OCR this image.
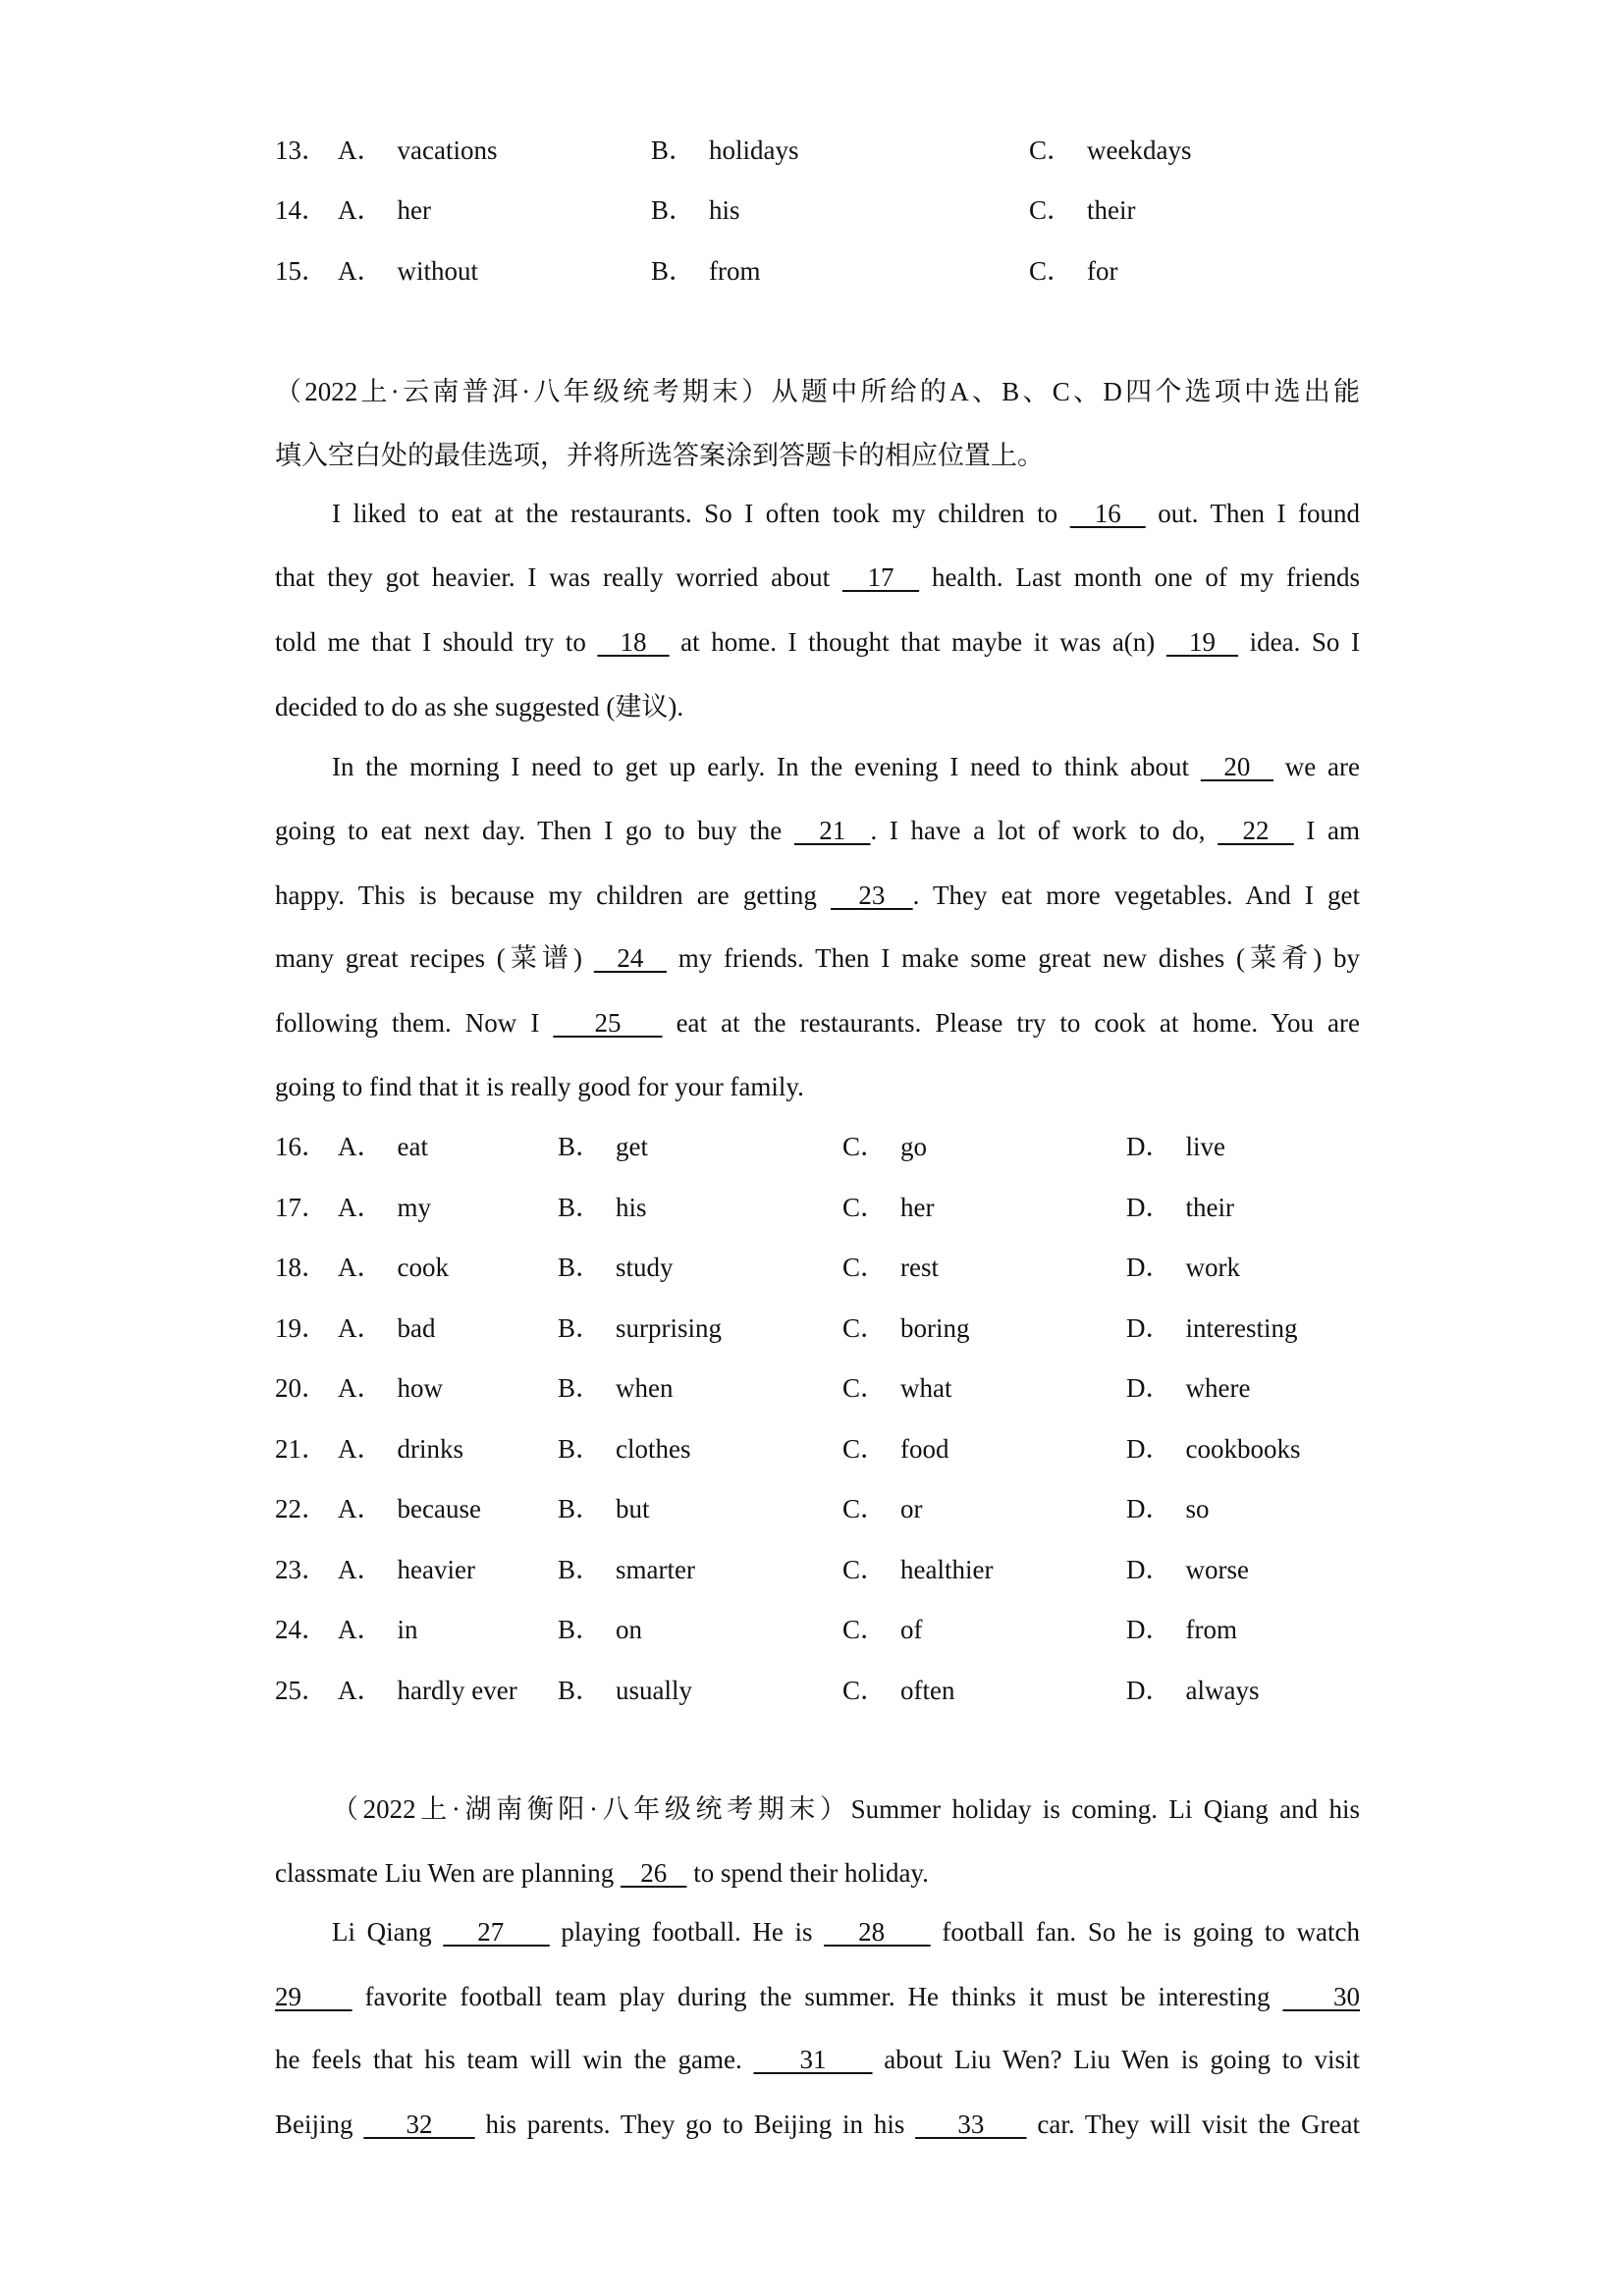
13． A． vacations	B． holidays	C． weekdays
14． A． her	B． his	C． their
15． A． without	B． from	C． for
（2022上·云南普洱·八年级统考期末）从题中所给的A、B、C、D四个选项中选出能
填入空白处的最佳选项，并将所选答案涂到答题卡的相应位置上。
I liked to eat at the restaurants. So I often took my children to   16   out. Then I found
that they got heavier. I was really worried about   17   health. Last month one of my friends
told me that I should try to   18   at home. I thought that maybe it was a(n)   19   idea. So I
decided to do as she suggested (建议).
In the morning I need to get up early. In the evening I need to think about   20   we are
going to eat next day. Then I go to buy the   21  . I have a lot of work to do,   22   I am
happy. This is because my children are getting   23  . They eat more vegetables. And I get
many great recipes (菜谱)   24   my friends. Then I make some great new dishes (菜肴) by
following them. Now I    25    eat at the restaurants. Please try to cook at home. You are
going to find that it is really good for your family.
16． A． eat	B． get	C． go	D． live
17． A． my	B． his	C． her	D． their
18． A． cook	B． study	C． rest	D． work
19． A． bad	B． surprising	C． boring	D． interesting
20． A． how	B． when	C． what	D． where
21． A． drinks	B． clothes	C． food	D． cookbooks
22． A． because	B． but	C． or	D． so
23． A． heavier	B． smarter	C． healthier	D． worse
24． A． in	B． on	C． of	D． from
25． A． hardly ever B． usually	C． often	D． always
（2022上·湖南衡阳·八年级统考期末）Summer holiday is coming. Li Qiang and his
classmate Liu Wen are planning    26    to spend their holiday.
Li Qiang    27     playing football. He is    28     football fan. So he is going to watch
29     favorite football team play during the summer. He thinks it must be interesting     30
he feels that his team will win the game.     31     about Liu Wen? Liu Wen is going to visit
Beijing     32     his parents. They go to Beijing in his     33     car. They will visit the Great
